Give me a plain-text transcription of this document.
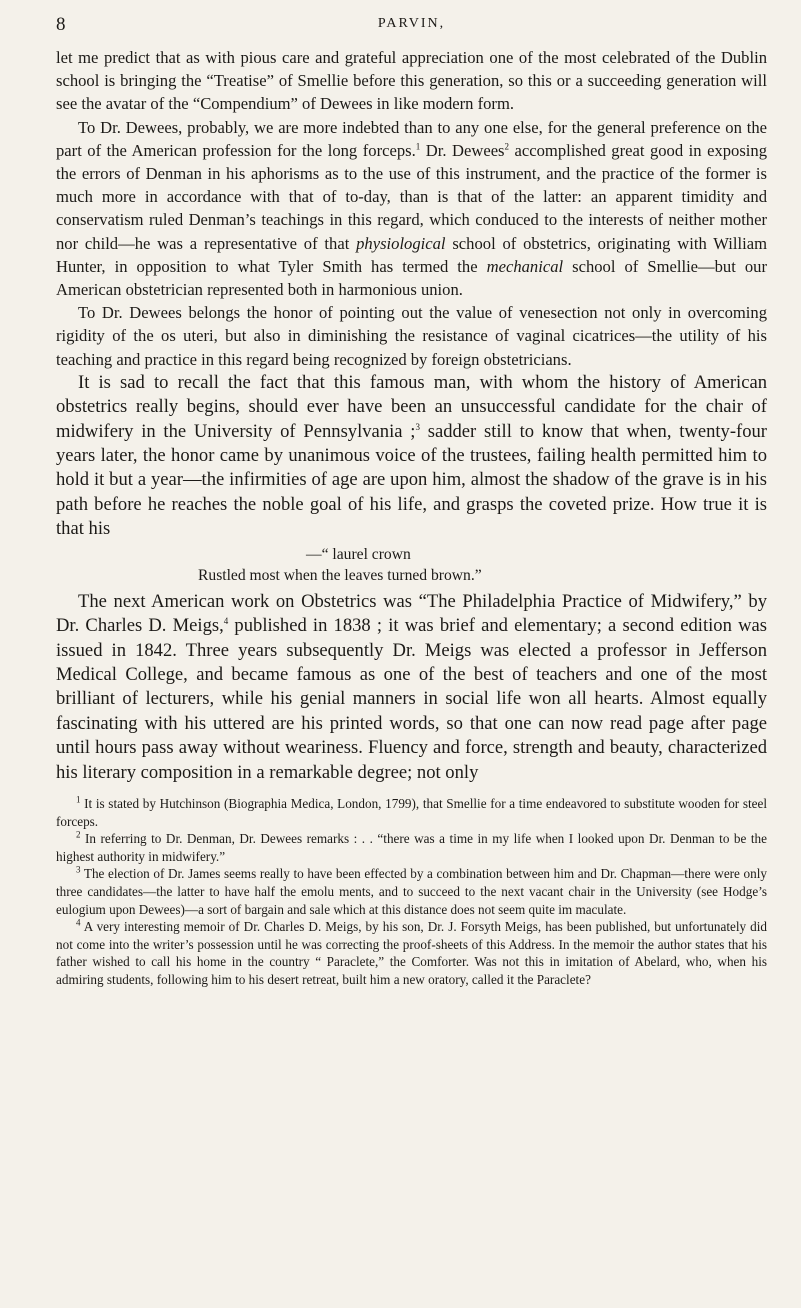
8	PARVIN,

let me predict that as with pious care and grateful appreciation one of the most celebrated of the Dublin school is bringing the “Treatise” of Smellie before this generation, so this or a succeeding generation will see the avatar of the “Compendium” of Dewees in like modern form.

To Dr. Dewees, probably, we are more indebted than to any one else, for the general preference on the part of the American profession for the long forceps.$^1$ Dr. Dewees$^2$ accomplished great good in exposing the errors of Denman in his aphorisms as to the use of this instrument, and the practice of the former is much more in accordance with that of to-day, than is that of the latter: an apparent timidity and conservatism ruled Denman’s teachings in this regard, which conduced to the interests of neither mother nor child—he was a representative of that physiological school of obstetrics, originating with William Hunter, in opposition to what Tyler Smith has termed the mechanical school of Smellie—but our American obstetrician represented both in harmonious union.

To Dr. Dewees belongs the honor of pointing out the value of venesection not only in overcoming rigidity of the os uteri, but also in diminishing the resistance of vaginal cicatrices—the utility of his teaching and practice in this regard being recognized by foreign obstetricians.

It is sad to recall the fact that this famous man, with whom the history of American obstetrics really begins, should ever have been an unsuccessful candidate for the chair of midwifery in the University of Pennsylvania ;$^3$ sadder still to know that when, twenty-four years later, the honor came by unanimous voice of the trustees, failing health permitted him to hold it but a year—the infirmities of age are upon him, almost the shadow of the grave is in his path before he reaches the noble goal of his life, and grasps the coveted prize. How true it is that his

—“ laurel crown
Rustled most when the leaves turned brown.”

The next American work on Obstetrics was “The Philadelphia Practice of Midwifery,” by Dr. Charles D. Meigs,$^4$ published in 1838 ; it was brief and elementary; a second edition was issued in 1842. Three years subsequently Dr. Meigs was elected a professor in Jefferson Medical College, and became famous as one of the best of teachers and one of the most brilliant of lecturers, while his genial manners in social life won all hearts. Almost equally fascinating with his uttered are his printed words, so that one can now read page after page until hours pass away without weariness. Fluency and force, strength and beauty, characterized his literary composition in a remarkable degree; not only

$^1$ It is stated by Hutchinson (Biographia Medica, London, 1799), that Smellie for a time endeavored to substitute wooden for steel forceps.

$^2$ In referring to Dr. Denman, Dr. Dewees remarks : . . “there was a time in my life when I looked upon Dr. Denman to be the highest authority in midwifery.”

$^3$ The election of Dr. James seems really to have been effected by a combination between him and Dr. Chapman—there were only three candidates—the latter to have half the emolu ments, and to succeed to the next vacant chair in the University (see Hodge’s eulogium upon Dewees)—a sort of bargain and sale which at this distance does not seem quite im maculate.

$^4$ A very interesting memoir of Dr. Charles D. Meigs, by his son, Dr. J. Forsyth Meigs, has been published, but unfortunately did not come into the writer’s possession until he was correcting the proof-sheets of this Address. In the memoir the author states that his father wished to call his home in the country “ Paraclete,” the Comforter. Was not this in imitation of Abelard, who, when his admiring students, following him to his desert retreat, built him a new oratory, called it the Paraclete?
